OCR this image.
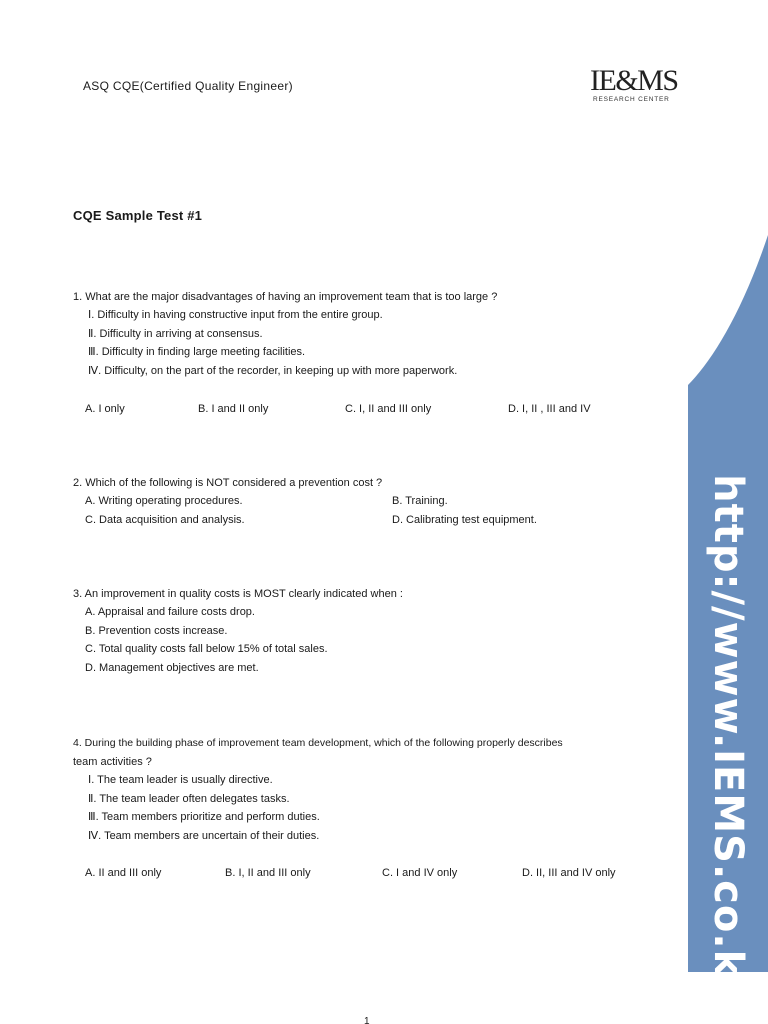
ASQ CQE(Certified Quality Engineer)	IE&MS
RESEARCH CENTER
CQE Sample Test #1
1. What are the major disadvantages of having an improvement team that is too large ?
Ⅰ. Difficulty in having constructive input from the entire group.
Ⅱ. Difficulty in arriving at consensus.
Ⅲ. Difficulty in finding large meeting facilities.
Ⅳ. Difficulty, on the part of the recorder, in keeping up with more paperwork.
A. I only	B. I and II only	C. I, II and III only	D. I, II , III and IV
2. Which of the following is NOT considered a prevention cost ?
A. Writing operating procedures.	B. Training.
C. Data acquisition and analysis.	D. Calibrating test equipment.
3. An improvement in quality costs is MOST clearly indicated when :
A. Appraisal and failure costs drop.
B. Prevention costs increase.
C. Total quality costs fall below 15% of total sales.
D. Management objectives are met.
4. During the building phase of improvement team development, which of the following properly describes
team activities ?
Ⅰ. The team leader is usually directive.
Ⅱ. The team leader often delegates tasks.
Ⅲ. Team members prioritize and perform duties.
Ⅳ. Team members are uncertain of their duties.
A. II and III only	B. I, II and III only	C. I and IV only	D. II, III and IV only http://www.IEMS.co.kr
1
